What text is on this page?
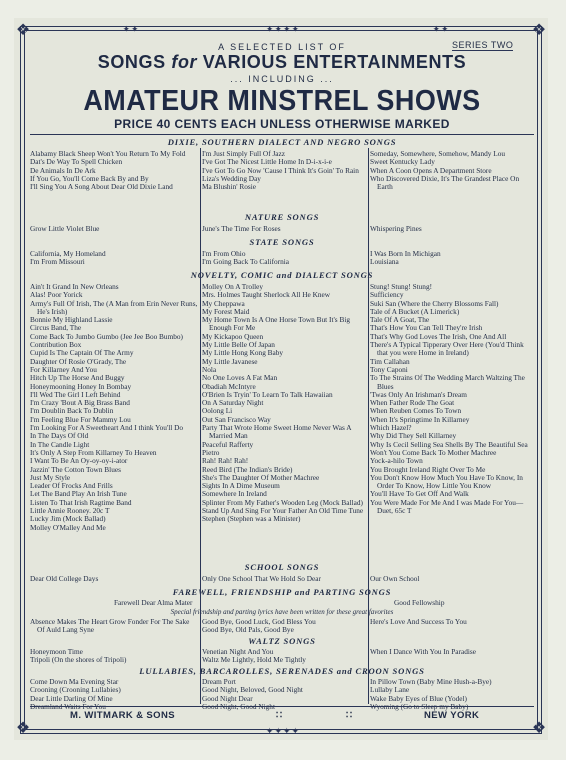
❖	❖
❖	❖
✦✦✦✦
✦✦✦✦
✦✦	✦✦
A SELECTED LIST OF	SERIES TWO
SONGS for VARIOUS ENTERTAINMENTS
... INCLUDING ...
AMATEUR MINSTREL SHOWS
PRICE 40 CENTS EACH UNLESS OTHERWISE MARKED
DIXIE, SOUTHERN DIALECT AND NEGRO SONGS
Alabamy Black Sheep Won't You Return To My Fold
Dat's De Way To Spell Chicken
De Animals In De Ark
If You Go, You'll Come Back By and By
I'll Sing You A Song About Dear Old Dixie Land
I'm Just Simply Full Of Jazz
I've Got The Nicest Little Home In D-i-x-i-e
I've Got To Go Now 'Cause I Think It's Goin' To Rain
Liza's Wedding Day
Ma Blushin' Rosie
Someday, Somewhere, Somehow, Mandy Lou
Sweet Kentucky Lady
When A Coon Opens A Department Store
Who Discovered Dixie, It's The Grandest Place On Earth
NATURE SONGS
Grow Little Violet Blue	June's The Time For Roses	Whispering Pines
STATE SONGS
California, My Homeland
I'm From Missouri
I'm From Ohio
I'm Going Back To California
I Was Born In Michigan
Louisiana
NOVELTY, COMIC and DIALECT SONGS
Ain't It Grand In New Orleans
Alas! Poor Yorick
Army's Full Of Irish, The (A Man from Erin Never Runs, He's Irish)
Bonnie My Highland Lassie
Circus Band, The
Come Back To Jumbo Gumbo (Jee Jee Boo Bumbo)
Contribution Box
Cupid Is The Captain Of The Army
Daughter Of Rosie O'Grady, The
For Killarney And You
Hitch Up The Horse And Buggy
Honeymooning Honey In Bombay
I'll Wed The Girl I Left Behind
I'm Crazy 'Bout A Big Brass Band
I'm Doublin Back To Dublin
I'm Feeling Blue For Mammy Lou
I'm Looking For A Sweetheart And I think You'll Do
In The Days Of Old
In The Candle Light
It's Only A Step From Killarney To Heaven
I Want To Be An Oy-oy-oy-i-ator
Jazzin' The Cotton Town Blues
Just My Style
Leader Of Frocks And Frills
Let The Band Play An Irish Tune
Listen To That Irish Ragtime Band
Little Annie Rooney. 20c T
Lucky Jim (Mock Ballad)
Molley O'Malley And Me
Molley On A Trolley
Mrs. Holmes Taught Sherlock All He Knew
My Cheppawa
My Forest Maid
My Home Town Is A One Horse Town But It's Big Enough For Me
My Kickapoo Queen
My Little Belle Of Japan
My Little Hong Kong Baby
My Little Javanese
Nola
No One Loves A Fat Man
Obadiah McIntyre
O'Brien Is Tryin' To Learn To Talk Hawaiian
On A Saturday Night
Oolong Li
Out San Francisco Way
Party That Wrote Home Sweet Home Never Was A Married Man
Peaceful Rafferty
Pietro
Rah! Rah! Rah!
Reed Bird (The Indian's Bride)
She's The Daughter Of Mother Machree
Sights In A Dime Museum
Somewhere In Ireland
Splinter From My Father's Wooden Leg (Mock Ballad)
Stand Up And Sing For Your Father An Old Time Tune
Stephen (Stephen was a Minister)
Stung! Stung! Stung!
Sufficiency
Suki San (Where the Cherry Blossoms Fall)
Tale of A Bucket (A Limerick)
Tale Of A Goat, The
That's How You Can Tell They're Irish
That's Why God Loves The Irish, One And All
There's A Typical Tipperary Over Here (You'd Think that you were Home in Ireland)
Tim Callahan
Tony Caponi
To The Strains Of The Wedding March Waltzing The Blues
'Twas Only An Irishman's Dream
When Father Rode The Goat
When Reuben Comes To Town
When It's Springtime In Killarney
Which Hazel?
Why Did They Sell Killarney
Why Is Cecil Selling Sea Shells By The Beautiful Sea
Won't You Come Back To Mother Machree
Yock-a-hilo Town
You Brought Ireland Right Over To Me
You Don't Know How Much You Have To Know, In Order To Know, How Little You Know
You'll Have To Get Off And Walk
You Were Made For Me And I was Made For You—Duet, 65c T
SCHOOL SONGS
Dear Old College Days	Only One School That We Hold So Dear	Our Own School
FAREWELL, FRIENDSHIP and PARTING SONGS
Farewell Dear Alma Mater	Good Fellowship
Special friendship and parting lyrics have been written for these great favorites
Absence Makes The Heart Grow Fonder For The Sake Of Auld Lang Syne
Good Bye, Good Luck, God Bless You
Good Bye, Old Pals, Good Bye
Here's Love And Success To You
WALTZ SONGS
Honeymoon Time
Tripoli (On the shores of Tripoli)
Venetian Night And You
Waltz Me Lightly, Hold Me Tightly
When I Dance With You In Paradise
LULLABIES, BARCAROLLES, SERENADES and CROON SONGS
Come Down Ma Evening Star
Crooning (Crooning Lullabies)
Dear Little Darling Of Mine
Dreamland Waits For You
Dream Port
Good Night, Beloved, Good Night
Good Night Dear
Good Night, Good Night
In Pillow Town (Baby Mine Hush-a-Bye)
Lullaby Lane
Wake Baby Eyes of Blue (Yodel)
Wyoming (Go to Sleep my Baby)
M. WITMARK & SONS	∷	∷	NEW YORK
